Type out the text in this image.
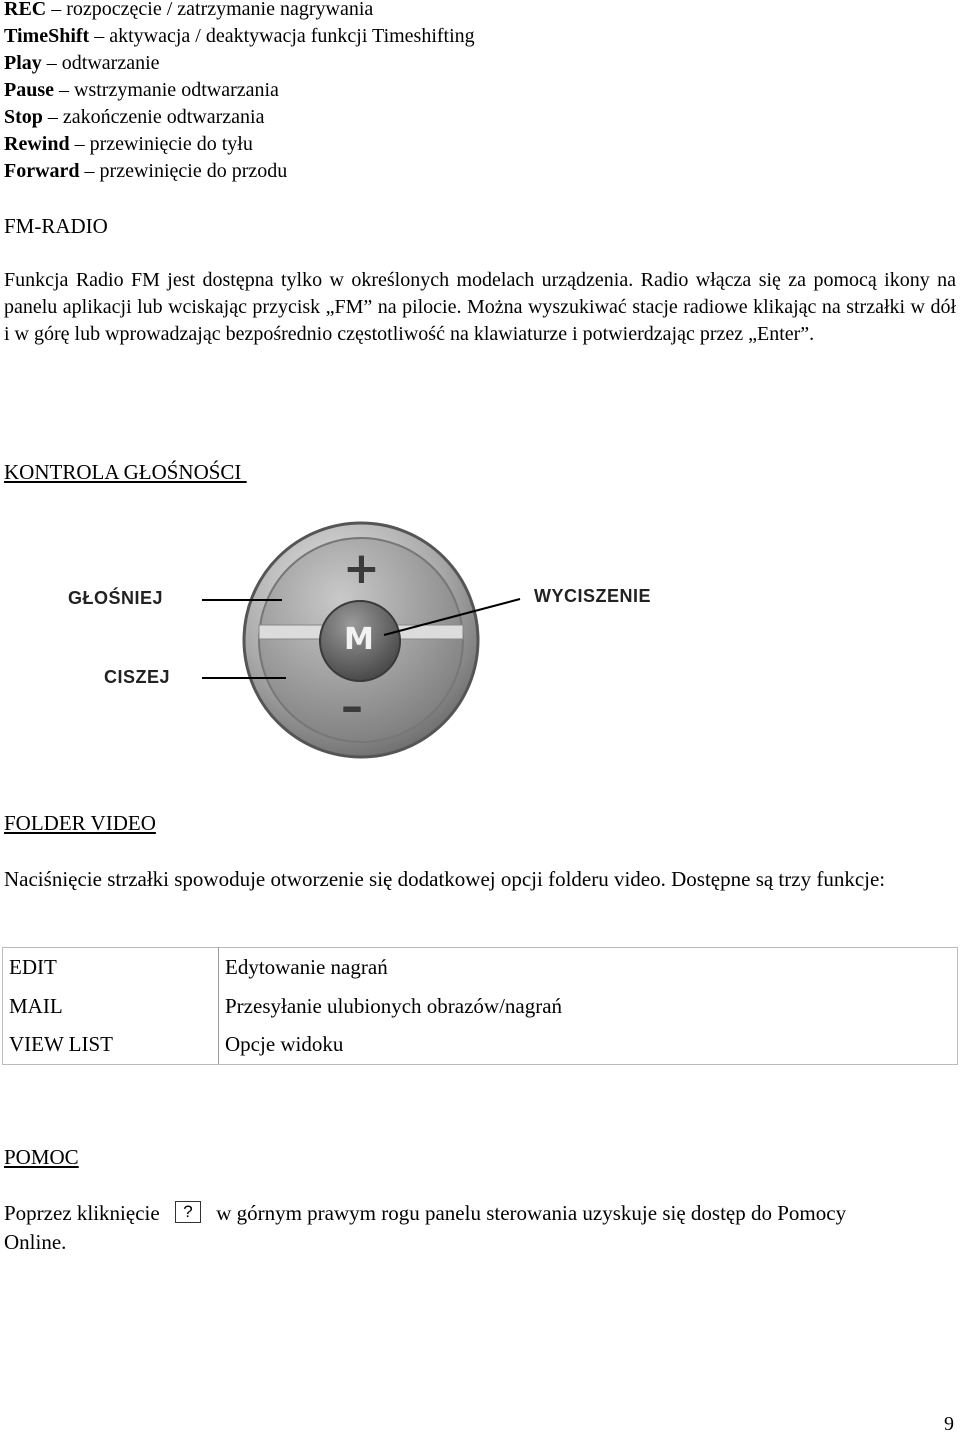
REC – rozpoczęcie / zatrzymanie nagrywania
TimeShift – aktywacja / deaktywacja funkcji Timeshifting
Play – odtwarzanie
Pause – wstrzymanie odtwarzania
Stop – zakończenie odtwarzania
Rewind – przewinięcie do tyłu
Forward – przewinięcie do przodu
FM-RADIO
Funkcja Radio FM jest dostępna tylko w określonych modelach urządzenia. Radio włącza się za pomocą ikony na panelu aplikacji lub wciskając przycisk „FM” na pilocie. Można wyszukiwać stacje radiowe klikając na strzałki w dół i w górę lub wprowadzając bezpośrednio częstotliwość na klawiaturze i potwierdzając przez „Enter”.
KONTROLA GŁOŚNOŚCI
+
–
M
GŁOŚNIEJ
CISZEJ
WYCISZENIE
FOLDER VIDEO
Naciśnięcie strzałki spowoduje otworzenie się dodatkowej opcji folderu video. Dostępne są trzy funkcje:
EDIT	Edytowanie nagrań
MAIL	Przesyłanie ulubionych obrazów/nagrań
VIEW LIST	Opcje widoku
POMOC
Poprzez kliknięcie ? w górnym prawym rogu panelu sterowania uzyskuje się dostęp do Pomocy
Online.
9
